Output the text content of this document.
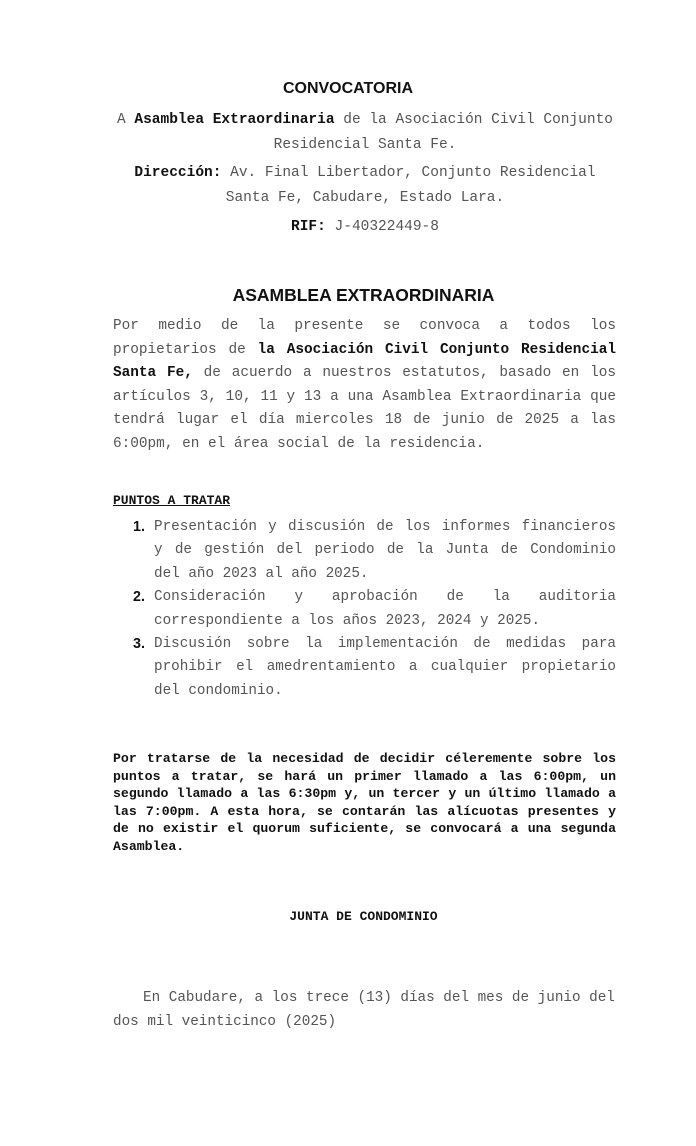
CONVOCATORIA
A Asamblea Extraordinaria de la Asociación Civil Conjunto Residencial Santa Fe.
Dirección: Av. Final Libertador, Conjunto Residencial Santa Fe, Cabudare, Estado Lara.
RIF: J-40322449-8
ASAMBLEA EXTRAORDINARIA
Por medio de la presente se convoca a todos los propietarios de la Asociación Civil Conjunto Residencial Santa Fe, de acuerdo a nuestros estatutos, basado en los artículos 3, 10, 11 y 13 a una Asamblea Extraordinaria que tendrá lugar el día miercoles 18 de junio de 2025 a las 6:00pm, en el área social de la residencia.
PUNTOS A TRATAR
1. Presentación y discusión de los informes financieros y de gestión del periodo de la Junta de Condominio del año 2023 al año 2025.
2. Consideración y aprobación de la auditoria correspondiente a los años 2023, 2024 y 2025.
3. Discusión sobre la implementación de medidas para prohibir el amedrentamiento a cualquier propietario del condominio.
Por tratarse de la necesidad de decidir céleremente sobre los puntos a tratar, se hará un primer llamado a las 6:00pm, un segundo llamado a las 6:30pm y, un tercer y un último llamado a las 7:00pm. A esta hora, se contarán las alícuotas presentes y de no existir el quorum suficiente, se convocará a una segunda Asamblea.
JUNTA DE CONDOMINIO
En Cabudare, a los trece (13) días del mes de junio del dos mil veinticinco (2025)
